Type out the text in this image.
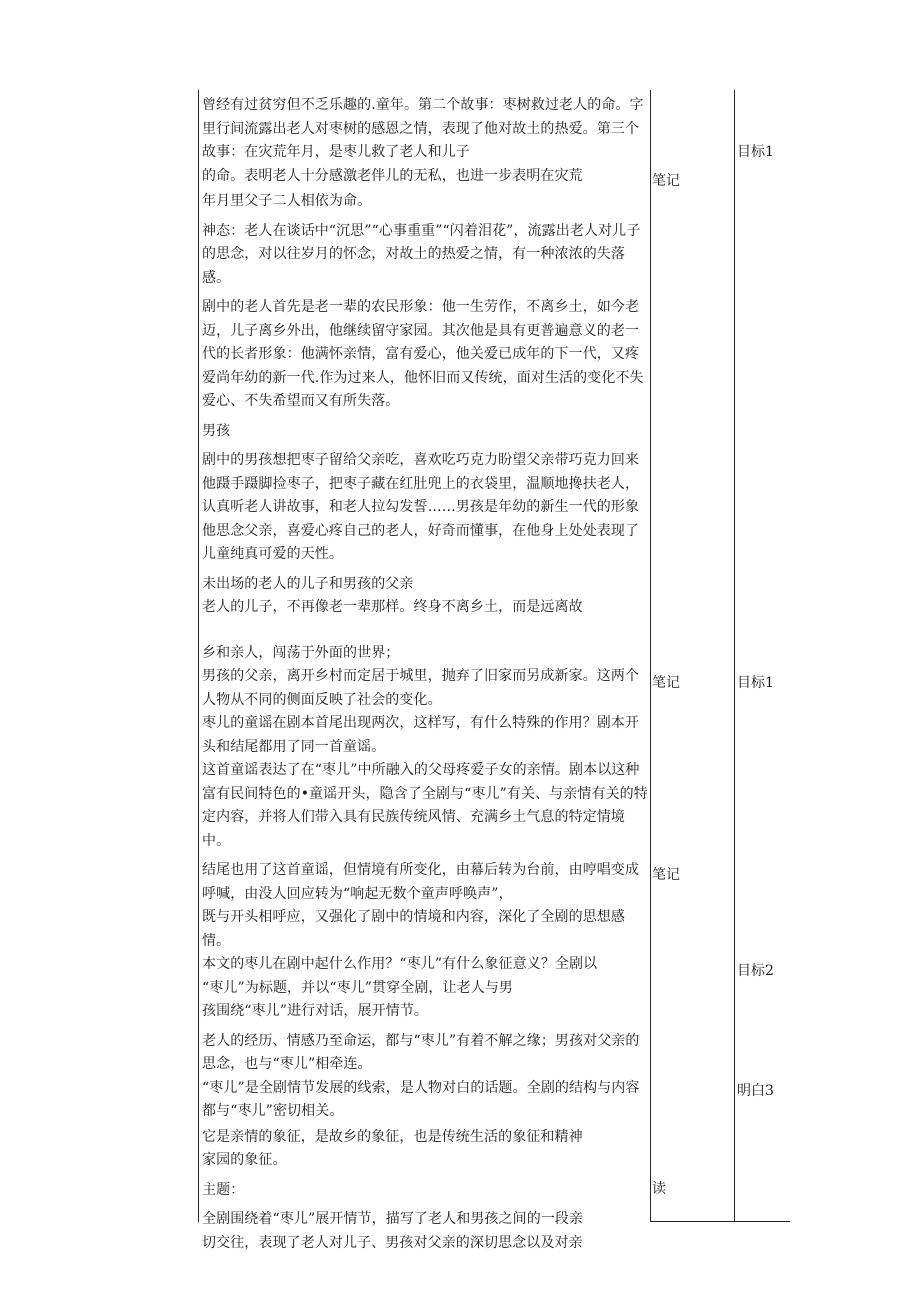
曾经有过贫穷但不乏乐趣的.童年。第二个故事：枣树救过老人的命。字里行间流露出老人对枣树的感恩之情，表现了他对故土的热爱。第三个故事：在灾荒年月，是枣儿救了老人和儿子

的命。表明老人十分感激老伴儿的无私，也进一步表明在灾荒

年月里父子二人相依为命。

神态：老人在谈话中“沉思”“心事重重”“闪着泪花”，流露出老人对儿子的思念，对以往岁月的怀念，对故土的热爱之情，有一种浓浓的失落感。

剧中的老人首先是老一辈的农民形象：他一生劳作，不离乡土，如今老迈，儿子离乡外出，他继续留守家园。其次他是具有更普遍意义的老一代的长者形象：他满怀亲情，富有爱心，他关爱已成年的下一代，又疼爱尚年幼的新一代.作为过来人，他怀旧而又传统，面对生活的变化不失爱心、不失希望而又有所失落。

男孩

剧中的男孩想把枣子留给父亲吃，喜欢吃巧克力盼望父亲带巧克力回来他蹑手蹑脚捡枣子，把枣子藏在红肚兜上的衣袋里，温顺地搀扶老人，认真听老人讲故事，和老人拉勾发誓……男孩是年幼的新生一代的形象他思念父亲，喜爱心疼自己的老人，好奇而懂事，在他身上处处表现了儿童纯真可爱的天性。

未出场的老人的儿子和男孩的父亲

老人的儿子，不再像老一辈那样。终身不离乡土，而是远离故

乡和亲人，闯荡于外面的世界；

男孩的父亲，离开乡村而定居于城里，抛弃了旧家而另成新家。这两个人物从不同的侧面反映了社会的变化。

枣儿的童谣在剧本首尾出现两次，这样写，有什么特殊的作用？剧本开头和结尾都用了同一首童谣。

这首童谣表达了在“枣儿”中所融入的父母疼爱子女的亲情。剧本以这种富有民间特色的•童谣开头，隐含了全剧与“枣儿”有关、与亲情有关的特定内容，并将人们带入具有民族传统风情、充满乡土气息的特定情境中。

结尾也用了这首童谣，但情境有所变化，由幕后转为台前，由哼唱变成呼喊，由没人回应转为“响起无数个童声呼唤声”，

既与开头相呼应，又强化了剧中的情境和内容，深化了全剧的思想感情。

本文的枣儿在剧中起什么作用？“枣儿”有什么象征意义？全剧以

“枣儿”为标题，并以“枣儿”贯穿全剧，让老人与男

孩围绕“枣儿”进行对话，展开情节。

老人的经历、情感乃至命运，都与“枣儿”有着不解之缘；男孩对父亲的思念，也与“枣儿”相牵连。

“枣儿”是全剧情节发展的线索，是人物对白的话题。全剧的结构与内容都与“枣儿”密切相关。

它是亲情的象征，是故乡的象征，也是传统生活的象征和精神

家园的象征。

主题：

全剧围绕着“枣儿”展开情节，描写了老人和男孩之间的一段亲

切交往，表现了老人对儿子、男孩对父亲的深切思念以及对亲

笔记
笔记
笔记
读
目标1
目标1
目标2
明白3
